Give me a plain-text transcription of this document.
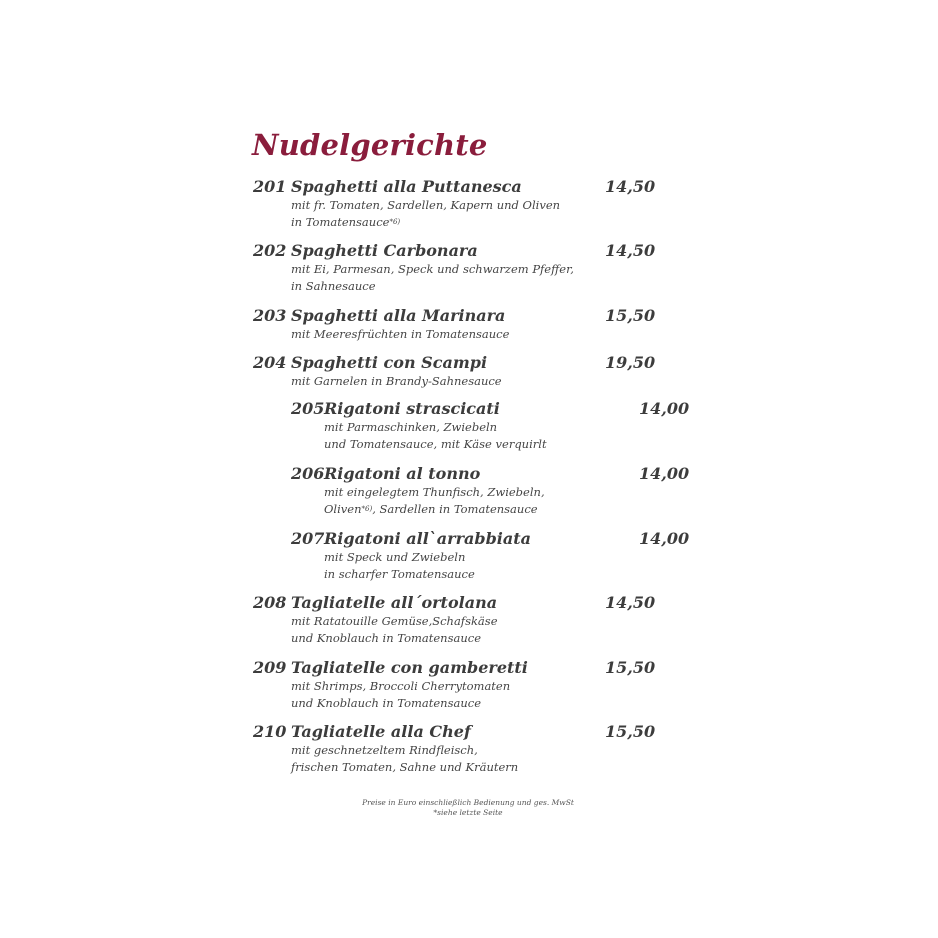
Nudelgerichte
201 Spaghetti alla Puttanesca	14,50
mit fr. Tomaten, Sardellen, Kapern und Oliven
in Tomatensauce$^{*6)}$
202 Spaghetti Carbonara	14,50
mit Ei, Parmesan, Speck und schwarzem Pfeffer,
in Sahnesauce
203 Spaghetti alla Marinara	15,50
mit Meeresfrüchten in Tomatensauce
204 Spaghetti con Scampi	19,50
mit Garnelen in Brandy-Sahnesauce
205 Rigatoni strascicati	14,00
mit Parmaschinken, Zwiebeln
und Tomatensauce, mit Käse verquirlt
206 Rigatoni al tonno	14,00
mit eingelegtem Thunfisch, Zwiebeln,
Oliven$^{*6)}$, Sardellen in Tomatensauce
207 Rigatoni all`arrabbiata	14,00
mit Speck und Zwiebeln
in scharfer Tomatensauce
208 Tagliatelle all´ortolana	14,50
mit Ratatouille Gemüse,Schafskäse
und Knoblauch in Tomatensauce
209 Tagliatelle con gamberetti	15,50
mit Shrimps, Broccoli Cherrytomaten
und Knoblauch in Tomatensauce
210 Tagliatelle alla Chef	15,50
mit geschnetzeltem Rindfleisch,
frischen Tomaten, Sahne und Kräutern
Preise in Euro einschließlich Bedienung und ges. MwSt
*siehe letzte Seite
